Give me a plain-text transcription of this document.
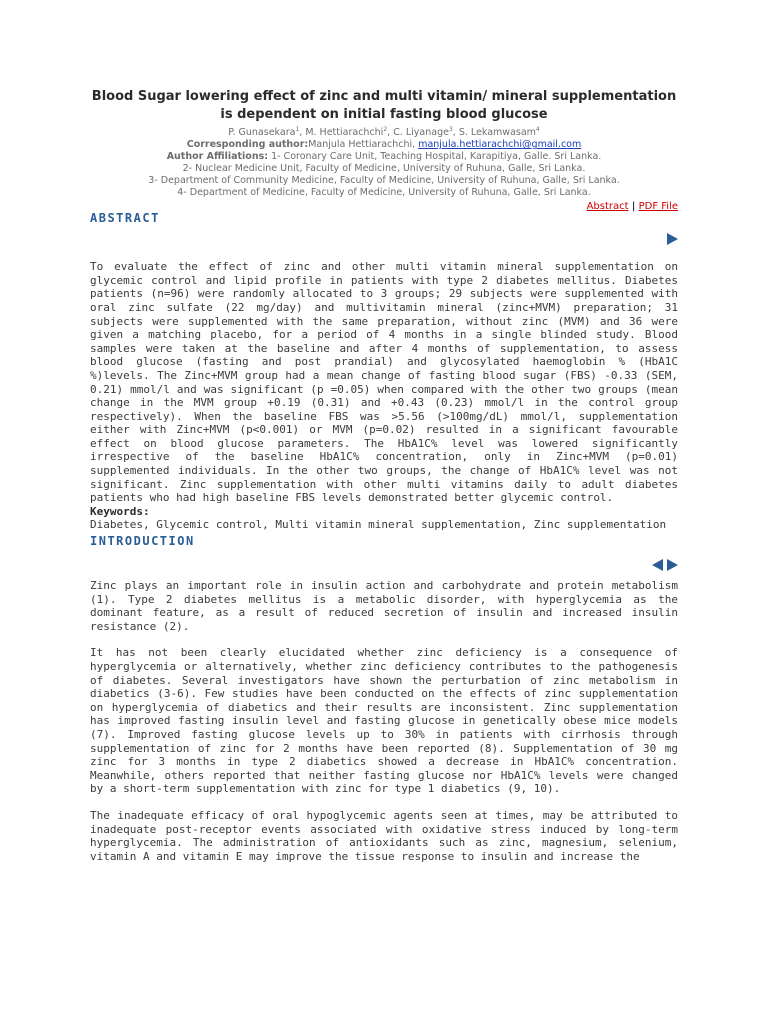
Blood Sugar lowering effect of zinc and multi vitamin/ mineral supplementation is dependent on initial fasting blood glucose

P. Gunasekara$^1$, M. Hettiarachchi$^2$, C. Liyanage$^3$, S. Lekamwasam$^4$

Corresponding author:Manjula Hettiarachchi, manjula.hettiarachchi@gmail.com

Author Affiliations: 1- Coronary Care Unit, Teaching Hospital, Karapitiya, Galle. Sri Lanka.
2- Nuclear Medicine Unit, Faculty of Medicine, University of Ruhuna, Galle, Sri Lanka.
3- Department of Community Medicine, Faculty of Medicine, University of Ruhuna, Galle, Sri Lanka.
4- Department of Medicine, Faculty of Medicine, University of Ruhuna, Galle, Sri Lanka.

Abstract | PDF File
ABSTRACT

To evaluate the effect of zinc and other multi vitamin mineral supplementation on glycemic control and lipid profile in patients with type 2 diabetes mellitus. Diabetes patients (n=96) were randomly allocated to 3 groups; 29 subjects were supplemented with oral zinc sulfate (22 mg/day) and multivitamin mineral (zinc+MVM) preparation; 31 subjects were supplemented with the same preparation, without zinc (MVM) and 36 were given a matching placebo, for a period of 4 months in a single blinded study. Blood samples were taken at the baseline and after 4 months of supplementation, to assess blood glucose (fasting and post prandial) and glycosylated haemoglobin % (HbA1C %)levels. The Zinc+MVM group had a mean change of fasting blood sugar (FBS) -0.33 (SEM, 0.21) mmol/l and was significant (p =0.05) when compared with the other two groups (mean change in the MVM group +0.19 (0.31) and +0.43 (0.23) mmol/l in the control group respectively). When the baseline FBS was >5.56 (>100mg/dL) mmol/l, supplementation either with Zinc+MVM (p<0.001) or MVM (p=0.02) resulted in a significant favourable effect on blood glucose parameters. The HbA1C% level was lowered significantly irrespective of the baseline HbA1C% concentration, only in Zinc+MVM (p=0.01) supplemented individuals. In the other two groups, the change of HbA1C% level was not significant. Zinc supplementation with other multi vitamins daily to adult diabetes patients who had high baseline FBS levels demonstrated better glycemic control.

Keywords:

Diabetes, Glycemic control, Multi vitamin mineral supplementation, Zinc supplementation

INTRODUCTION

Zinc plays an important role in insulin action and carbohydrate and protein metabolism (1). Type 2 diabetes mellitus is a metabolic disorder, with hyperglycemia as the dominant feature, as a result of reduced secretion of insulin and increased insulin resistance (2).

It has not been clearly elucidated whether zinc deficiency is a consequence of hyperglycemia or alternatively, whether zinc deficiency contributes to the pathogenesis of diabetes. Several investigators have shown the perturbation of zinc metabolism in diabetics (3-6). Few studies have been conducted on the effects of zinc supplementation on hyperglycemia of diabetics and their results are inconsistent. Zinc supplementation has improved fasting insulin level and fasting glucose in genetically obese mice models (7). Improved fasting glucose levels up to 30% in patients with cirrhosis through supplementation of zinc for 2 months have been reported (8). Supplementation of 30 mg zinc for 3 months in type 2 diabetics showed a decrease in HbA1C% concentration. Meanwhile, others reported that neither fasting glucose nor HbA1C% levels were changed by a short-term supplementation with zinc for type 1 diabetics (9, 10).

The inadequate efficacy of oral hypoglycemic agents seen at times, may be attributed to inadequate post-receptor events associated with oxidative stress induced by long-term hyperglycemia. The administration of antioxidants such as zinc, magnesium, selenium, vitamin A and vitamin E may improve the tissue response to insulin and increase the
